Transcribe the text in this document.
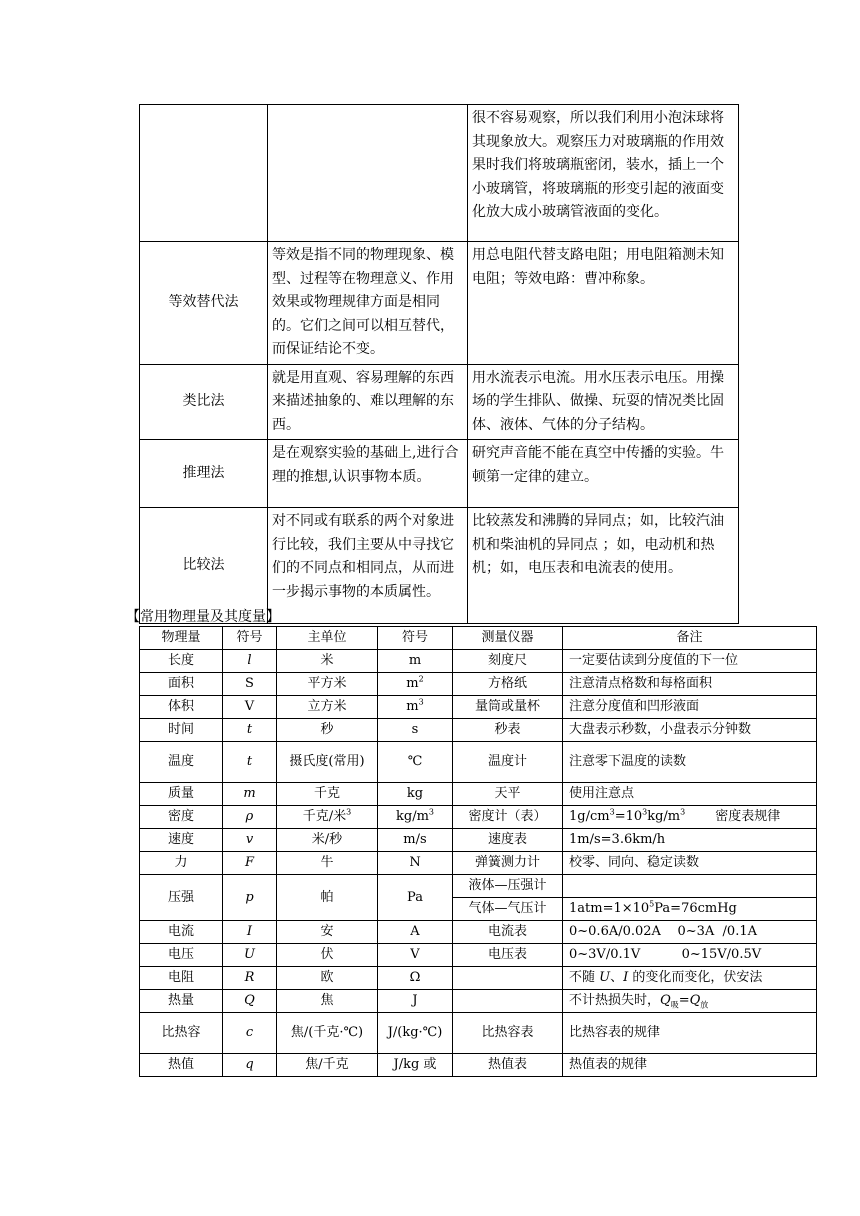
		很不容易观察，所以我们利用小泡沫球将其现象放大。观察压力对玻璃瓶的作用效果时我们将玻璃瓶密闭，装水，插上一个小玻璃管，将玻璃瓶的形变引起的液面变化放大成小玻璃管液面的变化。
等效替代法	等效是指不同的物理现象、模型、过程等在物理意义、作用效果或物理规律方面是相同的。它们之间可以相互替代，而保证结论不变。	用总电阻代替支路电阻；用电阻箱测未知电阻；等效电路：曹冲称象。
类比法	就是用直观、容易理解的东西来描述抽象的、难以理解的东西。	用水流表示电流。用水压表示电压。用操场的学生排队、做操、玩耍的情况类比固体、液体、气体的分子结构。
推理法	是在观察实验的基础上,进行合理的推想,认识事物本质。	研究声音能不能在真空中传播的实验。牛顿第一定律的建立。
比较法	对不同或有联系的两个对象进行比较，我们主要从中寻找它们的不同点和相同点，从而进一步揭示事物的本质属性。	比较蒸发和沸腾的异同点；如，比较汽油机和柴油机的异同点 ；如，电动机和热机；如，电压表和电流表的使用。
【常用物理量及其度量】
物理量	符号	主单位	符号	测量仪器	备注
长度	l	米	m	刻度尺	一定要估读到分度值的下一位
面积	S	平方米	$m^2$	方格纸	注意清点格数和每格面积
体积	V	立方米	$m^3$	量筒或量杯	注意分度值和凹形液面
时间	t	秒	s	秒表	大盘表示秒数，小盘表示分钟数
温度	t	摄氏度(常用)	℃	温度计	注意零下温度的读数
质量	m	千克	kg	天平	使用注意点
密度	ρ	千克/米$^3$	$kg/m^3$	密度计（表）	$1g/cm^3=10^3kg/m^3$ 密度表规律
速度	v	米/秒	m/s	速度表	1m/s=3.6km/h
力	F	牛	N	弹簧测力计	校零、同向、稳定读数
压强	p	帕	Pa	液体—压强计	
				气体—气压计	$1atm=1\times 10^5Pa=76cmHg$
电流	I	安	A	电流表	0~0.6A/0.02A    0~3A  /0.1A
电压	U	伏	V	电压表	0~3V/0.1V          0~15V/0.5V
电阻	R	欧	Ω		不随 U、I 的变化而变化，伏安法
热量	Q	焦	J		不计热损失时，$Q_吸=Q_放$
比热容	c	焦/(千克·℃)	J/(kg·℃)	比热容表	比热容表的规律
热值	q	焦/千克	J/kg 或	热值表	热值表的规律
